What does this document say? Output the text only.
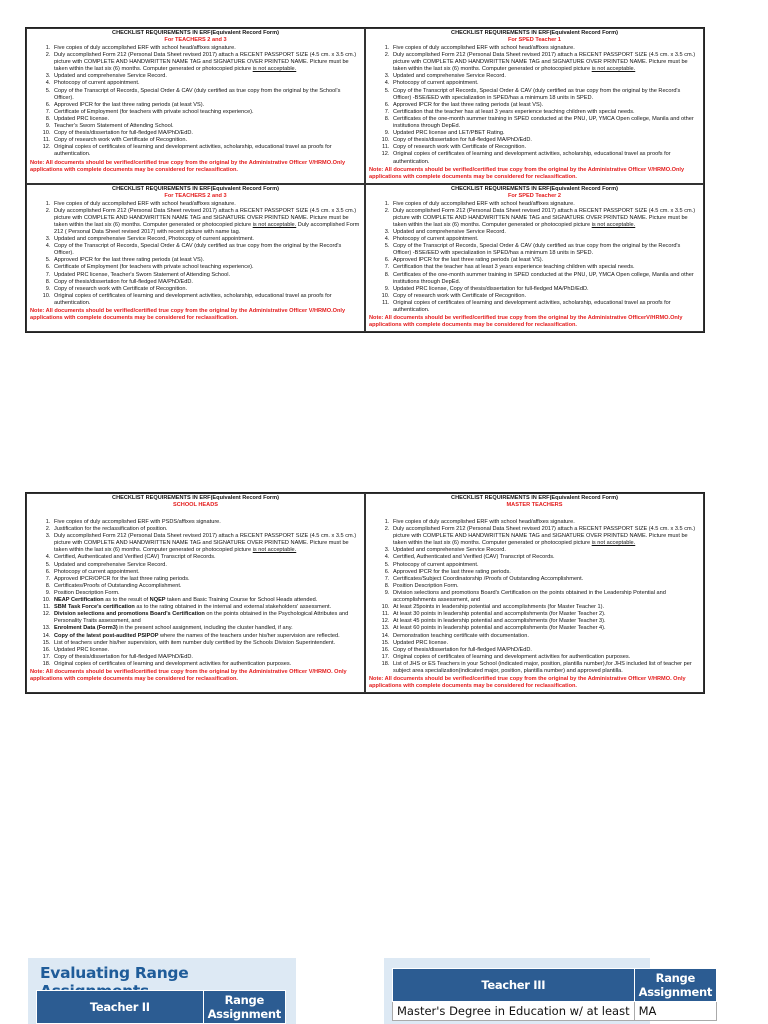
CHECKLIST REQUIREMENTS IN ERF(Equivalent Record Form)
For TEACHERS 2 and 3
1. Five copies of duly accomplished ERF with school head/affixes signature.
2. Duly accomplished Form 212 (Personal Data Sheet revised 2017) attach a RECENT PASSPORT SIZE (4.5 cm. x 3.5 cm.) picture with COMPLETE AND HANDWRITTEN NAME TAG and SIGNATURE OVER PRINTED NAME. Picture must be taken within the last six (6) months. Computer generated or photocopied picture is not acceptable.
3. Updated and comprehensive Service Record.
4. Photocopy of current appointment.
5. Copy of the Transcript of Records, Special Order & CAV (duly certified as true copy from the original by the School's Officer).
6. Approved IPCR for the last three rating periods (at least VS).
7. Certificate of Employment (for teachers with private school teaching experience).
8. Updated PRC license.
9. Teacher's Sworn Statement of Attending School.
10. Copy of thesis/dissertation for full-fledged MA/PhD/EdD.
11. Copy of research work with Certificate of Recognition.
12. Original copies of certificates of learning and development activities, scholarship, educational travel as proofs for authentication.
Note: All documents should be verified/certified true copy from the original by the Administrative Officer V/HRMO.Only applications with complete documents may be considered for reclassification.
CHECKLIST REQUIREMENTS IN ERF(Equivalent Record Form)
For SPED Teacher 1
1. Five copies of duly accomplished ERF with school head/affixes signature.
2. Duly accomplished Form 212 (Personal Data Sheet revised 2017) attach a RECENT PASSPORT SIZE (4.5 cm. x 3.5 cm.) picture with COMPLETE AND HANDWRITTEN NAME TAG and SIGNATURE OVER PRINTED NAME. Picture must be taken within the last six (6) months. Computer generated or photocopied picture is not acceptable.
3. Updated and comprehensive Service Record.
4. Photocopy of current appointment.
5. Copy of the Transcript of Records, Special Order & CAV (duly certified as true copy from the original by the Record's Officer) -BSE/EED with specialization in SPED/has a minimum 18 units in SPED.
6. Approved IPCR for the last three rating periods (at least VS).
7. Certification that the teacher has at least 3 years experience teaching children with special needs.
8. Certificates of the one-month summer training in SPED conducted at the PNU, UP, YMCA Open college, Manila and other institutions through DepEd.
9. Updated PRC license and LET/PBET Rating.
10. Copy of thesis/dissertation for full-fledged MA/PhD/EdD.
11. Copy of research work with Certificate of Recognition.
12. Original copies of certificates of learning and development activities, scholarship, educational travel as proofs for authentication.
Note: All documents should be verified/certified true copy from the original by the Administrative Officer V/HRMO.Only applications with complete documents may be considered for reclassification.
CHECKLIST REQUIREMENTS IN ERF(Equivalent Record Form)
For TEACHERS 2 and 3
1. Five copies of duly accomplished ERF with school head/affixes signature.
2. Duly accomplished Form 212 (Personal Data Sheet revised 2017) attach a RECENT PASSPORT SIZE (4.5 cm. x 3.5 cm.) picture with COMPLETE AND HANDWRITTEN NAME TAG and SIGNATURE OVER PRINTED NAME. Picture must be taken within the last six (6) months. Computer generated or photocopied picture is not acceptable. Duly accomplished Form 212 ( Personal Data Sheet revised 2017) with recent picture with name tag.
3. Updated and comprehensive Service Record, Photocopy of current appointment.
4. Copy of the Transcript of Records, Special Order & CAV (duly certified as true copy from the original by the Record's Officer).
5. Approved IPCR for the last three rating periods (at least VS).
6. Certificate of Employment (for teachers with private school teaching experience).
7. Updated PRC license, Teacher's Sworn Statement of Attending School.
8. Copy of thesis/dissertation for full-fledged MA/PhD/EdD.
9. Copy of research work with Certificate of Recognition.
10. Original copies of certificates of learning and development activities, scholarship, educational travel as proofs for authentication.
Note: All documents should be verified/certified true copy from the original by the Administrative Officer V/HRMO.Only applications with complete documents may be considered for reclassification.
CHECKLIST REQUIREMENTS IN ERF(Equivalent Record Form)
For SPED Teacher 2
1. Five copies of duly accomplished ERF with school head/affixes signature.
2. Duly accomplished Form 212 (Personal Data Sheet revised 2017) attach a RECENT PASSPORT SIZE (4.5 cm. x 3.5 cm.) picture with COMPLETE AND HANDWRITTEN NAME TAG and SIGNATURE OVER PRINTED NAME. Picture must be taken within the last six (6) months. Computer generated or photocopied picture is not acceptable.
3. Updated and comprehensive Service Record.
4. Photocopy of current appointment.
5. Copy of the Transcript of Records, Special Order & CAV (duly certified as true copy from the original by the Record's Officer) -BSE/EED with specialization in SPED/has a minimum 18 units in SPED.
6. Approved IPCR for the last three rating periods (at least VS).
7. Certification that the teacher has at least 3 years experience teaching children with special needs.
8. Certificates of the one-month summer training in SPED conducted at the PNU, UP, YMCA Open college, Manila and other institutions through DepEd.
9. Updated PRC license, Copy of thesis/dissertation for full-fledged MA/PhD/EdD.
10. Copy of research work with Certificate of Recognition.
11. Original copies of certificates of learning and development activities, scholarship, educational travel as proofs for authentication.
Note: All documents should be verified/certified true copy from the original by the Administrative OfficerV/HRMO.Only applications with complete documents may be considered for reclassification.
CHECKLIST REQUIREMENTS IN ERF(Equivalent Record Form)
SCHOOL HEADS
1. Five copies of duly accomplished ERF with PSDS/affixes signature.
2. Justification for the reclassification of position.
3. Duly accomplished Form 212 (Personal Data Sheet revised 2017) attach a RECENT PASSPORT SIZE (4.5 cm. x 3.5 cm.) picture with COMPLETE AND HANDWRITTEN NAME TAG and SIGNATURE OVER PRINTED NAME. Picture must be taken within the last six (6) months. Computer generated or photocopied picture is not acceptable.
4. Certified, Authenticated and Verified (CAV) Transcript of Records.
5. Updated and comprehensive Service Record.
6. Photocopy of current appointment.
7. Approved IPCR/OPCR for the last three rating periods.
8. Certificates/Proofs of Outstanding Accomplishment.
9. Position Description Form.
10. NEAP Certification as to the result of NQEP taken and Basic Training Course for School Heads attended.
11. SBM Task Force's certification as to the rating obtained in the internal and external stakeholders' assessment.
12. Division selections and promotions Board's Certification on the points obtained in the Psychological Attributes and Personality Traits assessment, and
13. Enrolment Data (Form3) in the present school assignment, including the cluster handled, if any.
14. Copy of the latest post-audited PSIPOP where the names of the teachers under his/her supervision are reflected.
15. List of teachers under his/her supervision, with item number duly certified by the Schools Division Superintendent.
16. Updated PRC license.
17. Copy of thesis/dissertation for full-fledged MA/PhD/EdD.
18. Original copies of certificates of learning and development activities for authentication purposes.
Note: All documents should be verified/certified true copy from the original by the Administrative Officer V/HRMO. Only applications with complete documents may be considered for reclassification.
CHECKLIST REQUIREMENTS IN ERF(Equivalent Record Form)
MASTER TEACHERS
1. Five copies of duly accomplished ERF with school head/affixes signature.
2. Duly accomplished Form 212 (Personal Data Sheet revised 2017) attach a RECENT PASSPORT SIZE (4.5 cm. x 3.5 cm.) picture with COMPLETE AND HANDWRITTEN NAME TAG and SIGNATURE OVER PRINTED NAME. Picture must be taken within the last six (6) months. Computer generated or photocopied picture is not acceptable.
3. Updated and comprehensive Service Record.
4. Certified, Authenticated and Verified (CAV) Transcript of Records.
5. Photocopy of current appointment.
6. Approved IPCR for the last three rating periods.
7. Certificates/Subject Coordinatorship /Proofs of Outstanding Accomplishment.
8. Position Description Form.
9. Division selections and promotions Board's Certification on the points obtained in the Leadership Potential and accomplishments assessment, and
10. At least 25points in leadership potential and accomplishments (for Master Teacher 1).
11. At least 30 points in leadership potential and accomplishments (for Master Teacher 2).
12. At least 45 points in leadership potential and accomplishments (for Master Teacher 3).
13. At least 60 points in leadership potential and accomplishments (for Master Teacher 4).
14. Demonstration teaching certificate with documentation.
15. Updated PRC license.
16. Copy of thesis/dissertation for full-fledged MA/PhD/EdD.
17. Original copies of certificates of learning and development activities for authentication purposes.
18. List of JHS or ES Teachers in your School (indicated major, position, plantilla number),for JHS included list of teacher per subject area specialization(indicated major, position, plantilla number) and approved plantilla.
Note: All documents should be verified/certified true copy from the original by the Administrative Officer V/HRMO. Only applications with complete documents may be considered for reclassification.
Evaluating Range
Teacher II	Range Assignment
Teacher III	Range Assignment
Master's Degree in Education w/ at least	MA
